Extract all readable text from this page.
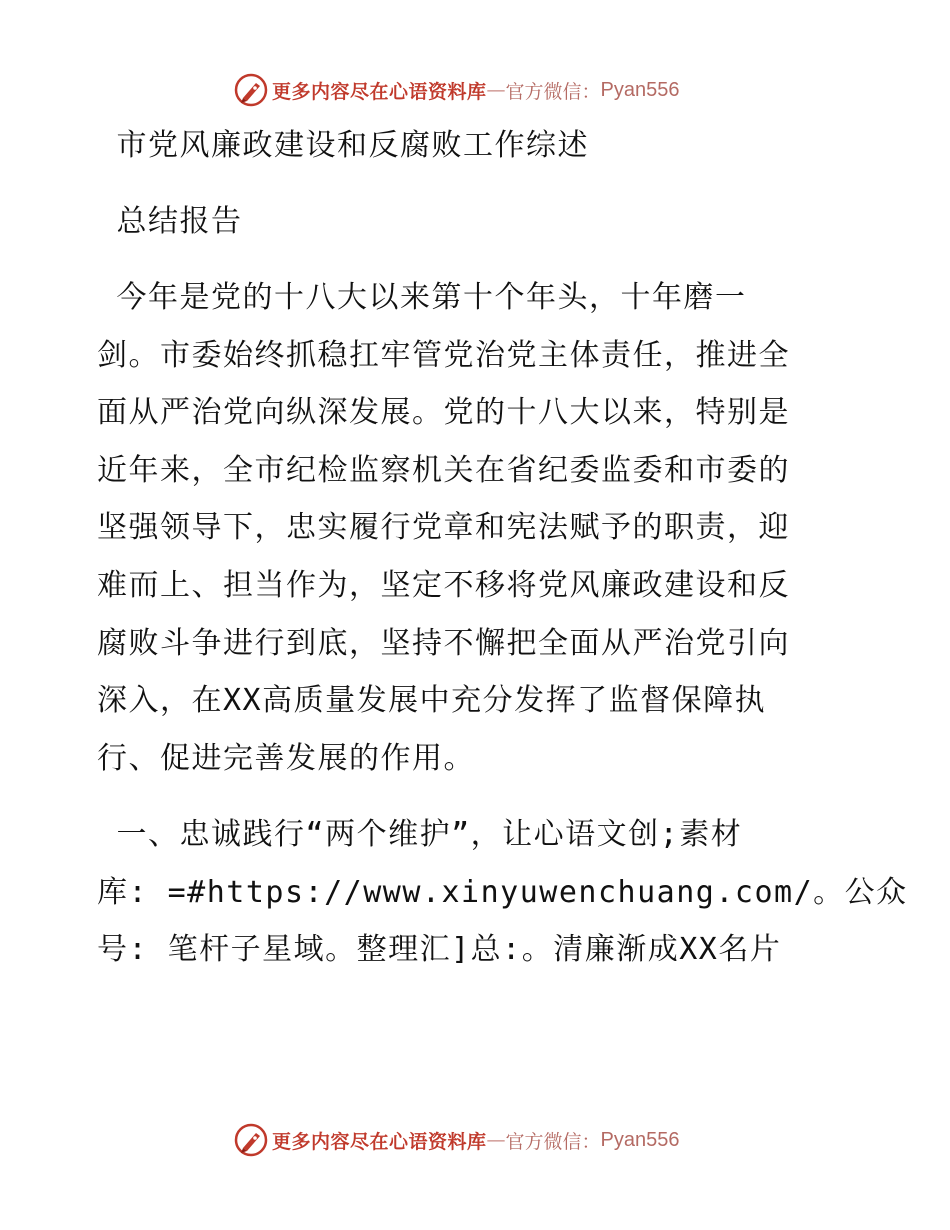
更多内容尽在心语资料库 — 官方微信： Pyan556
市党风廉政建设和反腐败工作综述
总结报告
今年是党的十八大以来第十个年头，十年磨一
剑。市委始终抓稳扛牢管党治党主体责任，推进全
面从严治党向纵深发展。党的十八大以来，特别是
近年来，全市纪检监察机关在省纪委监委和市委的
坚强领导下，忠实履行党章和宪法赋予的职责，迎
难而上、担当作为，坚定不移将党风廉政建设和反
腐败斗争进行到底，坚持不懈把全面从严治党引向
深入，在XX高质量发展中充分发挥了监督保障执
行、促进完善发展的作用。
一、忠诚践行“两个维护”，让心语文创;素材
库: =#https://www.xinyuwenchuang.com/。公众
号: 笔杆子星域。整理汇]总:。清廉渐成XX名片
更多内容尽在心语资料库 — 官方微信： Pyan556
